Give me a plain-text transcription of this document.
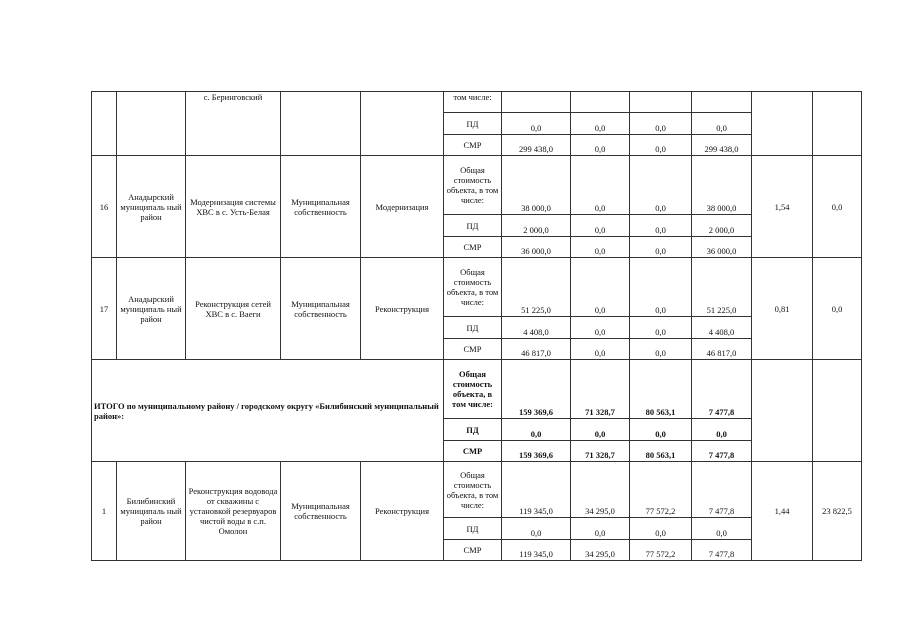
		с. Беринговский			том числе:						
					ПД	0,0	0,0	0,0	0,0		
					СМР	299 438,0	0,0	0,0	299 438,0		
16	Анадырский муниципаль ный район	Модернизация системы ХВС в с. Усть-Белая	Муниципальная собственность	Модернизация	Общая стоимость объекта, в том числе:	38 000,0	0,0	0,0	38 000,0	1,54	0,0
					ПД	2 000,0	0,0	0,0	2 000,0		
					СМР	36 000,0	0,0	0,0	36 000,0		
17	Анадырский муниципаль ный район	Реконструкция сетей ХВС в с. Ваеги	Муниципальная собственность	Реконструкция	Общая стоимость объекта, в том числе:	51 225,0	0,0	0,0	51 225,0	0,81	0,0
					ПД	4 408,0	0,0	0,0	4 408,0		
					СМР	46 817,0	0,0	0,0	46 817,0		
ИТОГО по муниципальному району / городскому округу «Билибинский муниципальный район»:					Общая стоимость объекта, в том числе:	159 369,6	71 328,7	80 563,1	7 477,8		
					ПД	0,0	0,0	0,0	0,0		
					СМР	159 369,6	71 328,7	80 563,1	7 477,8		
1	Билибинский муниципаль ный район	Реконструкция водовода от скважины с установкой резервуаров чистой воды в с.п. Омолон	Муниципальная собственность	Реконструкция	Общая стоимость объекта, в том числе:	119 345,0	34 295,0	77 572,2	7 477,8	1,44	23 822,5
					ПД	0,0	0,0	0,0	0,0		
					СМР	119 345,0	34 295,0	77 572,2	7 477,8		
